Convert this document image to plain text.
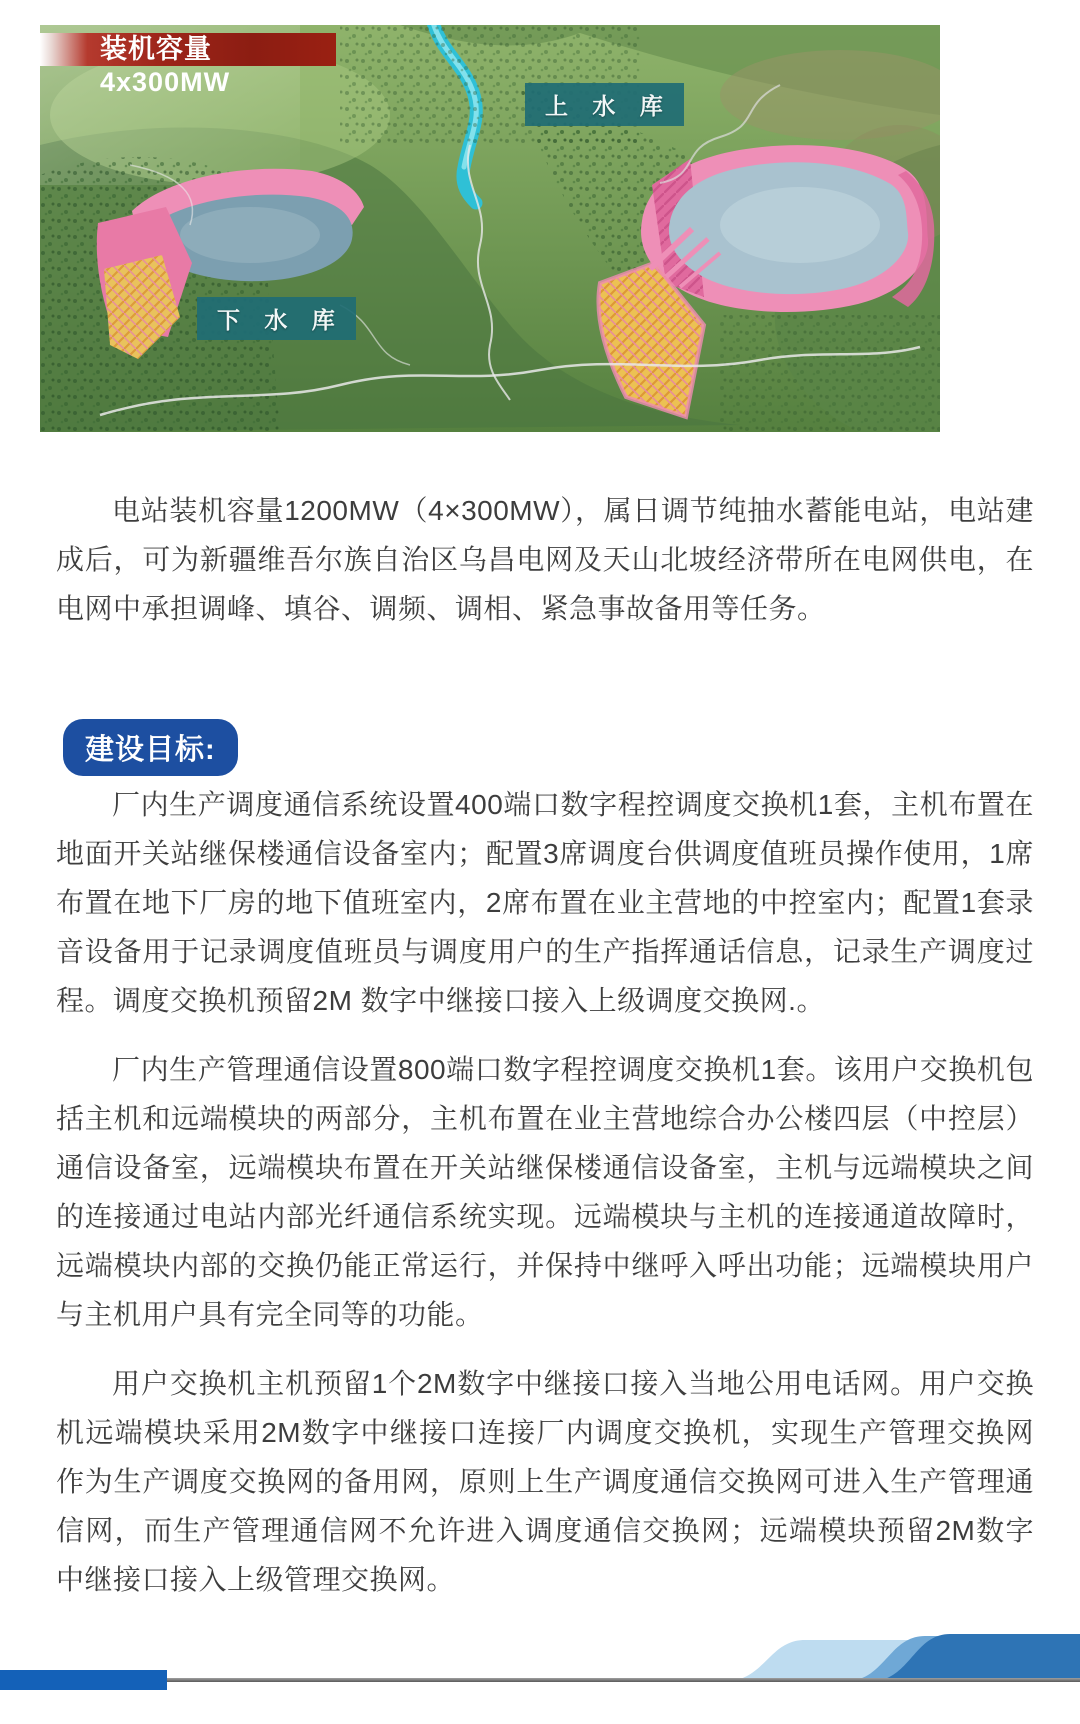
装机容量4x300MW
上 水 库
下 水 库

电站装机容量1200MW（4×300MW），属日调节纯抽水蓄能电站，电站建成后，可为新疆维吾尔族自治区乌昌电网及天山北坡经济带所在电网供电，在电网中承担调峰、填谷、调频、调相、紧急事故备用等任务。

建设目标:

厂内生产调度通信系统设置400端口数字程控调度交换机1套，主机布置在地面开关站继保楼通信设备室内；配置3席调度台供调度值班员操作使用，1席布置在地下厂房的地下值班室内，2席布置在业主营地的中控室内；配置1套录音设备用于记录调度值班员与调度用户的生产指挥通话信息，记录生产调度过程。调度交换机预留2M 数字中继接口接入上级调度交换网.。

厂内生产管理通信设置800端口数字程控调度交换机1套。该用户交换机包括主机和远端模块的两部分，主机布置在业主营地综合办公楼四层（中控层）通信设备室，远端模块布置在开关站继保楼通信设备室，主机与远端模块之间的连接通过电站内部光纤通信系统实现。远端模块与主机的连接通道故障时，远端模块内部的交换仍能正常运行，并保持中继呼入呼出功能；远端模块用户与主机用户具有完全同等的功能。

用户交换机主机预留1个2M数字中继接口接入当地公用电话网。用户交换机远端模块采用2M数字中继接口连接厂内调度交换机，实现生产管理交换网作为生产调度交换网的备用网，原则上生产调度通信交换网可进入生产管理通信网，而生产管理通信网不允许进入调度通信交换网；远端模块预留2M数字中继接口接入上级管理交换网。
